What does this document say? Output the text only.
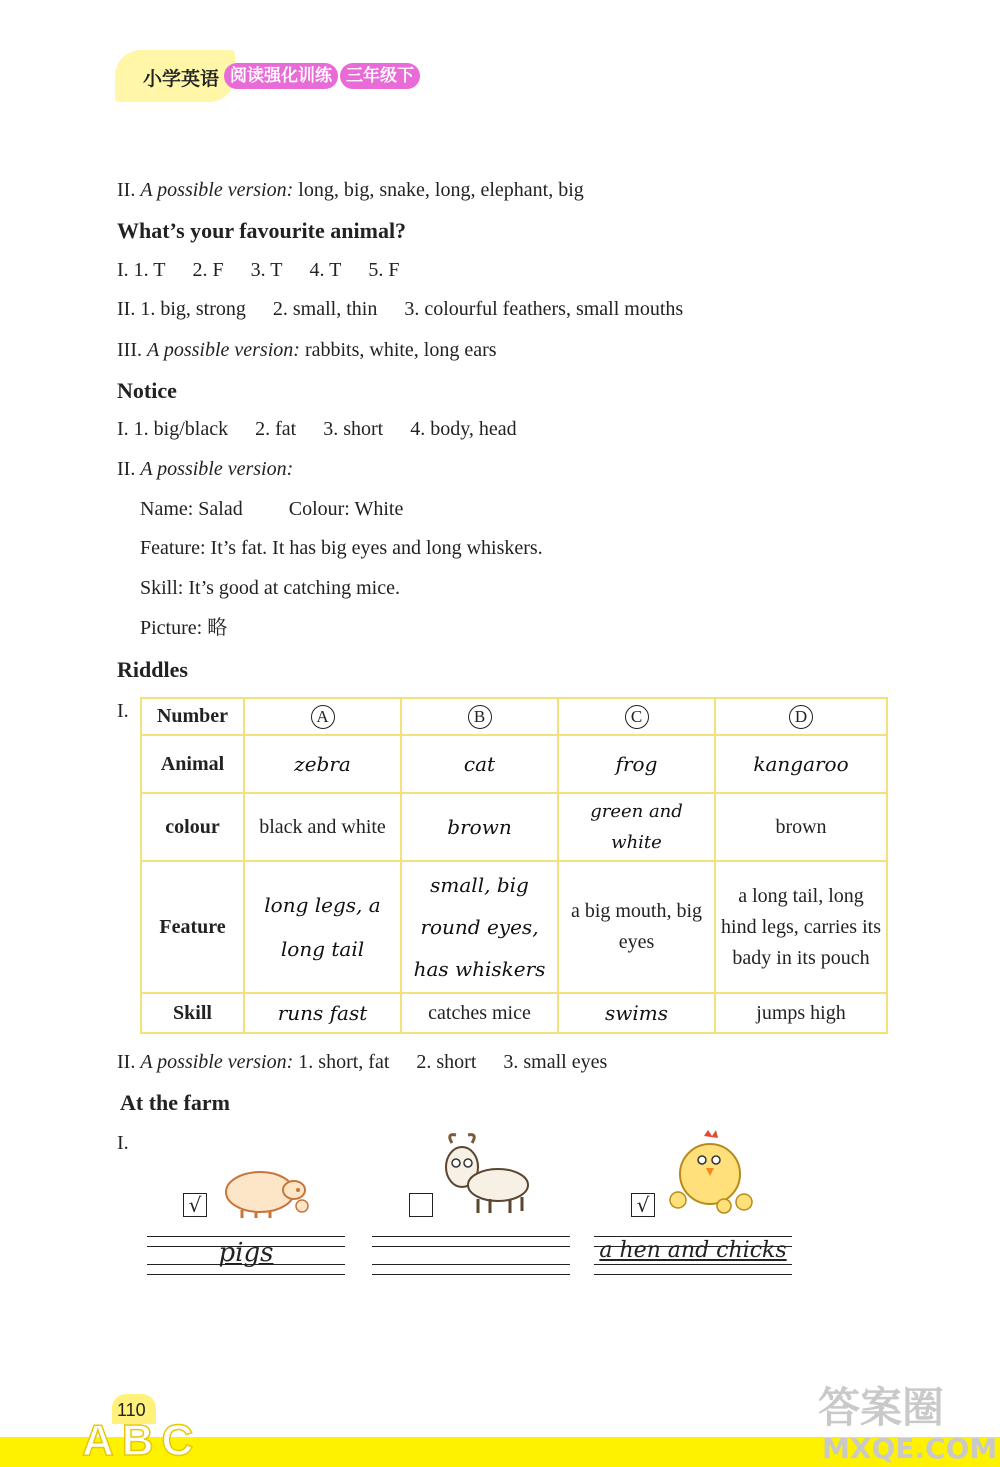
小学英语 阅读强化训练 三年级下
II. A possible version: long, big, snake, long, elephant, big
What’s your favourite animal?
I. 1. T 2. F 3. T 4. T 5. F
II. 1. big, strong 2. small, thin 3. colourful feathers, small mouths
III. A possible version: rabbits, white, long ears
Notice
I. 1. big/black 2. fat 3. short 4. body, head
II. A possible version:
Name: Salad Colour: White
Feature: It’s fat. It has big eyes and long whiskers.
Skill: It’s good at catching mice.
Picture: 略
Riddles
I. Number	A	B	C	D
Animal	zebra	cat	frog	kangaroo
colour	black and white	brown	green and white	brown
Feature	long legs, a long tail	small, big round eyes, has whiskers	a big mouth, big eyes	a long tail, long hind legs, carries its bady in its pouch
Skill	runs fast	catches mice	swims	jumps high
II. A possible version: 1. short, fat 2. short 3. small eyes
At the farm
I.
√
pigs
√
a hen and chicks
110
ABC
答案圈
MXQE.COM
